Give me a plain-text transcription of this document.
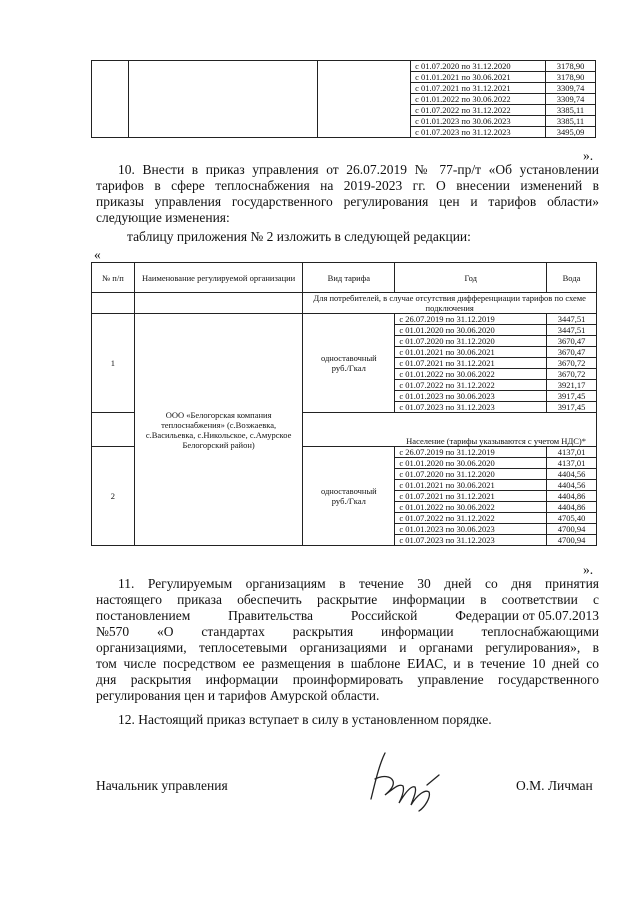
			с 01.07.2020 по 31.12.2020	3178,90
			с 01.01.2021 по 30.06.2021	3178,90
			с 01.07.2021 по 31.12.2021	3309,74
			с 01.01.2022 по 30.06.2022	3309,74
			с 01.07.2022 по 31.12.2022	3385,11
			с 01.01.2023 по 30.06.2023	3385,11
			с 01.07.2023 по 31.12.2023	3495,09
».
10. Внести в приказ управления от 26.07.2019 № 77-пр/т «Об установлении
тарифов в сфере теплоснабжения на 2019-2023 гг. О внесении изменений в
приказы управления государственного регулирования цен и тарифов области»
следующие изменения:
таблицу приложения № 2 изложить в следующей редакции:
«
№ п/п	Наименование регулируемой организации	Вид тарифа	Год	Вода
		Для потребителей, в случае отсутствия дифференциации тарифов по схеме подключения		
1	ООО «Белогорская компания теплоснабжения» (с.Возжаевка, с.Васильевка, с.Никольское, с.Амурское Белогорский район)	одноставочный руб./Гкал	с 26.07.2019 по 31.12.2019	3447,51
			с 01.01.2020 по 30.06.2020	3447,51
			с 01.07.2020 по 31.12.2020	3670,47
			с 01.01.2021 по 30.06.2021	3670,47
			с 01.07.2021 по 31.12.2021	3670,72
			с 01.01.2022 по 30.06.2022	3670,72
			с 01.07.2022 по 31.12.2022	3921,17
			с 01.01.2023 по 30.06.2023	3917,45
			с 01.07.2023 по 31.12.2023	3917,45
		Население (тарифы указываются с учетом НДС)*		
2		одноставочный руб./Гкал	с 26.07.2019 по 31.12.2019	4137,01
			с 01.01.2020 по 30.06.2020	4137,01
			с 01.07.2020 по 31.12.2020	4404,56
			с 01.01.2021 по 30.06.2021	4404,56
			с 01.07.2021 по 31.12.2021	4404,86
			с 01.01.2022 по 30.06.2022	4404,86
			с 01.07.2022 по 31.12.2022	4705,40
			с 01.01.2023 по 30.06.2023	4700,94
			с 01.07.2023 по 31.12.2023	4700,94
».
11. Регулируемым организациям в течение 30 дней со дня принятия
настоящего приказа обеспечить раскрытие информации в соответствии с
постановлением	Правительства	Российской	Федерации от 05.07.2013
№570 «О стандартах раскрытия информации теплоснабжающими
организациями, теплосетевыми организациями и органами регулирования», в
том числе посредством ее размещения в шаблоне ЕИАС, и в течение 10 дней со
дня раскрытия информации проинформировать управление государственного
регулирования цен и тарифов Амурской области.
12. Настоящий приказ вступает в силу в установленном порядке.
Начальник управления	О.М. Личман
